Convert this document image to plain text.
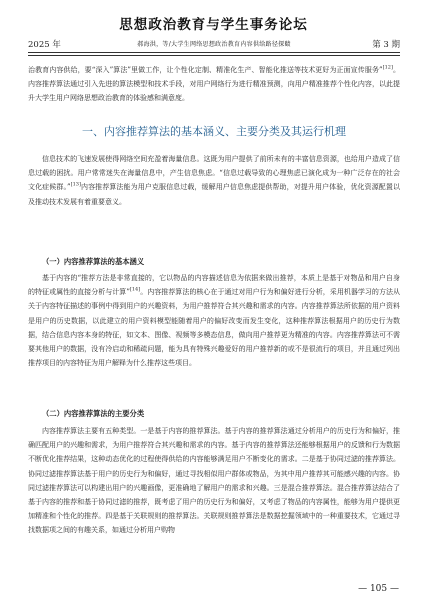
思想政治教育与学生事务论坛
2025 年	郝海洪，等/大学生网络思想政治教育内容供给路径探赜	第 3 期

治教育内容供给，要“深入”算法”里做工作，让个性化定制、精准化生产、智能化推送等技术更好为正面宣传服务”[12]。内容推荐算法通过引入先进的算法模型和技术手段，对用户网络行为进行精准预测，向用户精准推荐个性化内容，以此提升大学生用户网络思想政治教育的体验感和满意度。

一、内容推荐算法的基本涵义、主要分类及其运行机理

信息技术的飞速发展使得网络空间充盈着海量信息。这既为用户提供了前所未有的丰富信息资源，也给用户造成了信息过载的困扰。用户常常迷失在海量信息中，产生信息焦虑。“信息过载导致的心理焦虑已演化成为一种广泛存在的社会文化症候群。”[13]内容推荐算法能为用户克服信息过载，缓解用户信息焦虑提供帮助，对提升用户体验，优化资源配置以及推动技术发展有着重要意义。

（一）内容推荐算法的基本涵义

基于内容的“推荐方法是非常直接的，它以物品的内容描述信息为依据来做出推荐，本质上是基于对物品和用户自身的特征或属性的直接分析与计算”[14]。内容推荐算法的核心在于通过对用户行为和偏好进行分析，采用机器学习的方法从关于内容特征描述的事例中得到用户的兴趣资料，为用户推荐符合其兴趣和需求的内容。内容推荐算法所依据的用户资料是用户的历史数据，以此建立的用户资料模型能随着用户的偏好改变而发生变化，这种推荐算法根据用户的历史行为数据，结合信息内容本身的特征，如文本、图像、视频等多模态信息，做向用户推荐更为精准的内容。内容推荐算法可不需要其他用户的数据，没有冷启动和稀疏问题，能为具有特殊兴趣爱好的用户推荐新的或不是很流行的项目，并且通过列出推荐项目的内容特征为用户解释为什么推荐这些项目。

（二）内容推荐算法的主要分类

内容推荐算法主要有五种类型。一是基于内容的推荐算法。基于内容的推荐算法通过分析用户的历史行为和偏好，推确匹配用户的兴趣和需求，为用户推荐符合其兴趣和需求的内容。基于内容的推荐算法还能够根据用户的反馈和行为数据不断优化推荐结果，这种动态优化的过程使得供给的内容能够满足用户不断变化的需求。二是基于协同过滤的推荐算法。协同过滤推荐算法基于用户的历史行为和偏好，通过寻找相似用户群体或物品，为其中用户推荐其可能感兴趣的内容。协同过滤推荐算法可以构建出用户的兴趣画像，更准确地了解用户的需求和兴趣。三是混合推荐算法。混合推荐算法结合了基于内容的推荐和基于协同过滤的推荐，既考虑了用户的历史行为和偏好，又考虑了物品的内容属性，能够为用户提供更加精准和个性化的推荐。四是基于关联规则的推荐算法。关联规则推荐算法是数据挖掘领域中的一种重要技术，它通过寻找数据项之间的有趣关系，如通过分析用户购物

— 105 —
